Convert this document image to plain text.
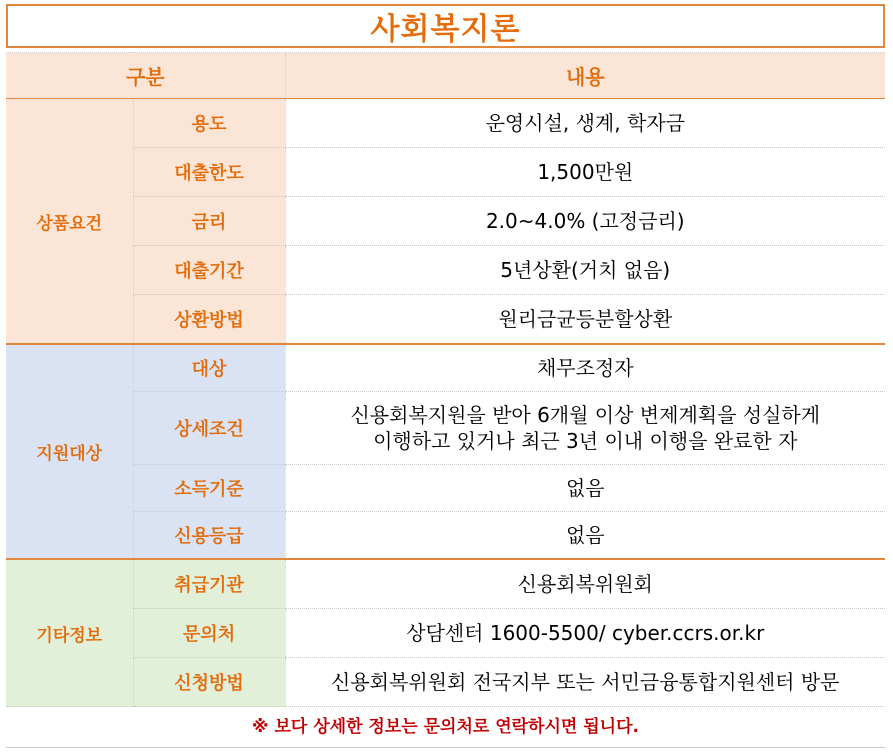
사회복지론
구분		내용
상품요건	용도	운영시설, 생계, 학자금
	대출한도	1,500만원
	금리	2.0~4.0% (고정금리)
	대출기간	5년상환(거치 없음)
	상환방법	원리금균등분할상환
지원대상	대상	채무조정자
	상세조건	신용회복지원을 받아 6개월 이상 변제계획을 성실하게
이행하고 있거나 최근 3년 이내 이행을 완료한 자

	소득기준	없음
	신용등급	없음
기타정보	취급기관	신용회복위원회
	문의처	상담센터 1600-5500/ cyber.ccrs.or.kr
	신청방법	신용회복위원회 전국지부 또는 서민금융통합지원센터 방문
※ 보다 상세한 정보는 문의처로 연락하시면 됩니다.
